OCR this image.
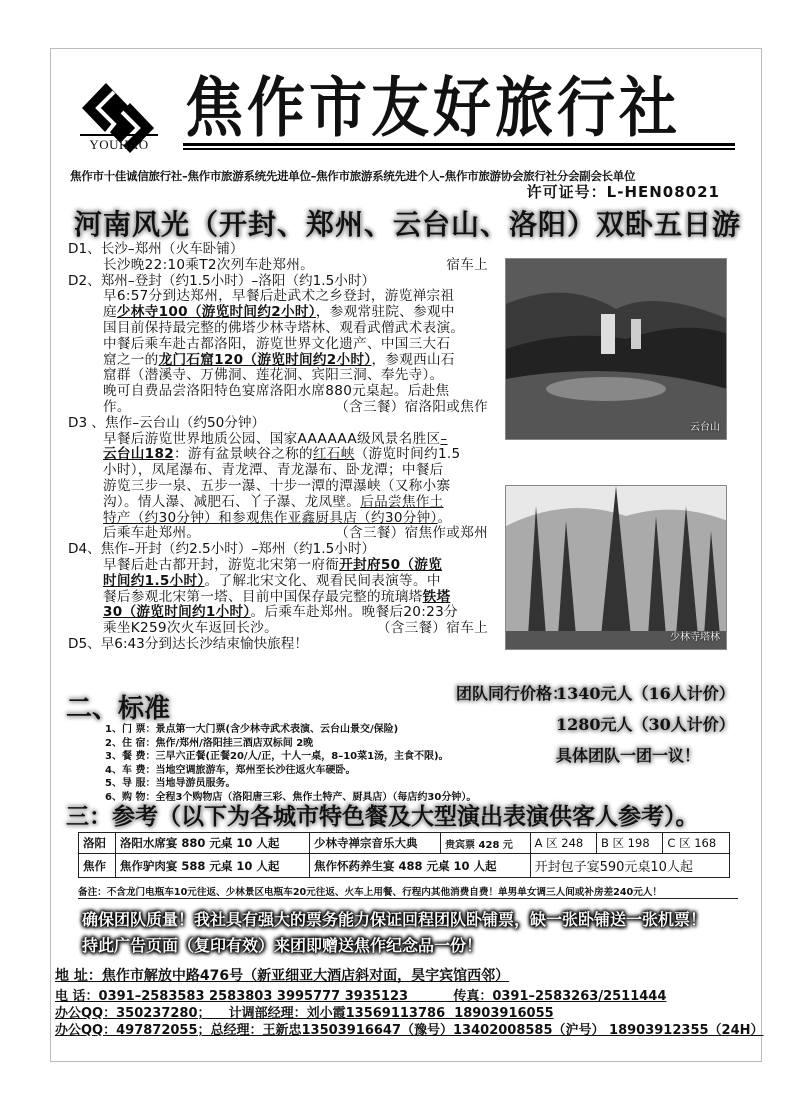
YOUHAO 焦作市友好旅行社
焦作市十佳诚信旅行社–焦作市旅游系统先进单位–焦作市旅游系统先进个人–焦作市旅游协会旅行社分会副会长单位
许可证号：L-HEN08021
河南风光（开封、郑州、云台山、洛阳）双卧五日游
D1、长沙–郑州（火车卧铺）
长沙晚22:10乘T2次列车赴郑州。	宿车上
D2、郑州–登封（约1.5小时）–洛阳（约1.5小时）
早6:57分到达郑州，早餐后赴武术之乡登封，游览禅宗祖
庭少林寺100（游览时间约2小时），参观常驻院、参观中
国目前保持最完整的佛塔少林寺塔林、观看武僧武术表演。
中餐后乘车赴古都洛阳，游览世界文化遗产、中国三大石
窟之一的龙门石窟120（游览时间约2小时），参观西山石
窟群（潜溪寺、万佛洞、莲花洞、宾阳三洞、奉先寺）。
晚可自费品尝洛阳特色宴席洛阳水席880元桌起。后赴焦
作。	（含三餐）宿洛阳或焦作
D3 、焦作–云台山（约50分钟）
早餐后游览世界地质公园、国家AAAAAA级风景名胜区–
云台山182：游有盆景峡谷之称的红石峡（游览时间约1.5
小时），凤尾瀑布、青龙潭、青龙瀑布、卧龙潭；中餐后
游览三步一泉、五步一瀑、十步一潭的潭瀑峡（又称小寨
沟）。情人瀑、减肥石、丫子瀑、龙凤壁。后品尝焦作土
特产（约30分钟）和参观焦作亚鑫厨具店（约30分钟）。
后乘车赴郑州。	（含三餐）宿焦作或郑州
D4、焦作–开封（约2.5小时）–郑州（约1.5小时）
早餐后赴古都开封，游览北宋第一府衙开封府50（游览
时间约1.5小时）。了解北宋文化、观看民间表演等。中
餐后参观北宋第一塔、目前中国保存最完整的琉璃塔铁塔
30（游览时间约1小时）。后乘车赴郑州。晚餐后20:23分
乘坐K259次火车返回长沙。	（含三餐）宿车上
D5、早6:43分到达长沙结束愉快旅程！
云台山
少林寺塔林
二、标准
1、门 票：景点第一大门票(含少林寺武术表演、云台山景交/保险)
2、住 宿：焦作/郑州/洛阳挂三酒店双标间 2晚
3、餐 费：三早六正餐(正餐20/人/正，十人一桌，8–10菜1汤，主食不限)。
4、车 费：当地空调旅游车，郑州至长沙往返火车硬卧。
5、导 服：当地导游员服务。
6、购 物：全程3个购物店（洛阳唐三彩、焦作土特产、厨具店）（每店约30分钟）。
团队同行价格：
1340元人（16人计价）
1280元人（30人计价）
具体团队一团一议！
三：参考（以下为各城市特色餐及大型演出表演供客人参考）。
洛阳	洛阳水席宴 880 元桌 10 人起	少林寺禅宗音乐大典	贵宾票 428 元	A 区 248	B 区 198	C 区 168
焦作	焦作驴肉宴 588 元桌 10 人起	焦作怀药养生宴 488 元桌 10 人起		开封包子宴590元桌10人起		
备注：不含龙门电瓶车10元往返、少林景区电瓶车20元往返、火车上用餐、行程内其他消费自费！单男单女调三人间或补房差240元人！
确保团队质量！我社具有强大的票务能力保证回程团队卧铺票，缺一张卧铺送一张机票！
持此广告页面（复印有效）来团即赠送焦作纪念品一份！
地 址：焦作市解放中路476号（新亚细亚大酒店斜对面，昊宇宾馆西邻）
电 话：0391–2583583 2583803 3995777 3935123          传真：0391–2583263/2511444
办公QQ：350237280；    计调部经理：刘小霞13569113786  18903916055
办公QQ：497872055；总经理：王新忠13503916647（豫号）13402008585（沪号） 18903912355（24H）
